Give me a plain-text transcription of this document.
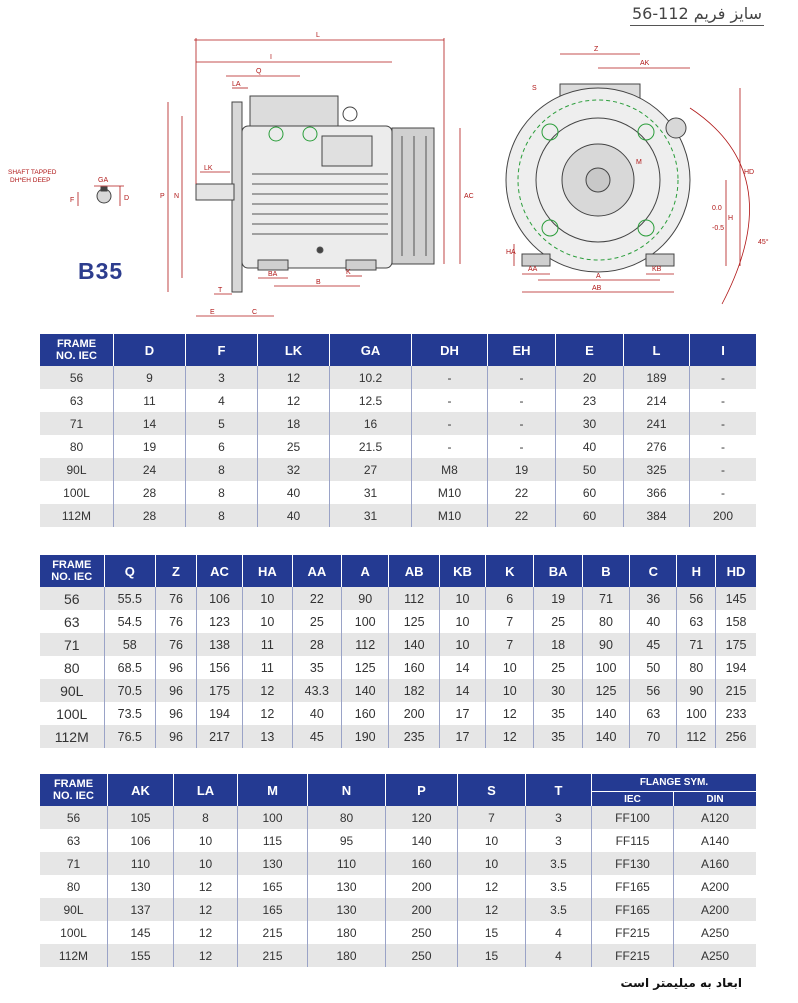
سایز فریم 112-56
L
I
Q
LA
LK
P N	AC
T
E	C
BA
B
K
Z
AK
S
M
HD
0.0
H
-0.5
HA
AA
A
KB
AB
45°
SHAFT TAPPED
DH*EH DEEP	GA
F	D
B35
FRAME
NO. IEC	D	F	LK	GA	DH	EH	E	L	I
56	9	3	12	10.2	-	-	20	189	-
63	11	4	12	12.5	-	-	23	214	-
71	14	5	18	16	-	-	30	241	-
80	19	6	25	21.5	-	-	40	276	-
90L	24	8	32	27	M8	19	50	325	-
100L	28	8	40	31	M10	22	60	366	-
112M	28	8	40	31	M10	22	60	384	200
FRAME
NO. IEC	Q	Z	AC	HA	AA	A	AB	KB	K	BA	B	C	H	HD
56	55.5	76	106	10	22	90	112	10	6	19	71	36	56	145
63	54.5	76	123	10	25	100	125	10	7	25	80	40	63	158
71	58	76	138	11	28	112	140	10	7	18	90	45	71	175
80	68.5	96	156	11	35	125	160	14	10	25	100	50	80	194
90L	70.5	96	175	12	43.3	140	182	14	10	30	125	56	90	215
100L	73.5	96	194	12	40	160	200	17	12	35	140	63	100	233
112M	76.5	96	217	13	45	190	235	17	12	35	140	70	112	256
FRAME
NO. IEC	AK	LA	M	N	P	S	T	FLANGE SYM.	
								IEC	DIN
56	105	8	100	80	120	7	3	FF100	A120
63	106	10	115	95	140	10	3	FF115	A140
71	110	10	130	110	160	10	3.5	FF130	A160
80	130	12	165	130	200	12	3.5	FF165	A200
90L	137	12	165	130	200	12	3.5	FF165	A200
100L	145	12	215	180	250	15	4	FF215	A250
112M	155	12	215	180	250	15	4	FF215	A250
ابعاد به میلیمتر است
